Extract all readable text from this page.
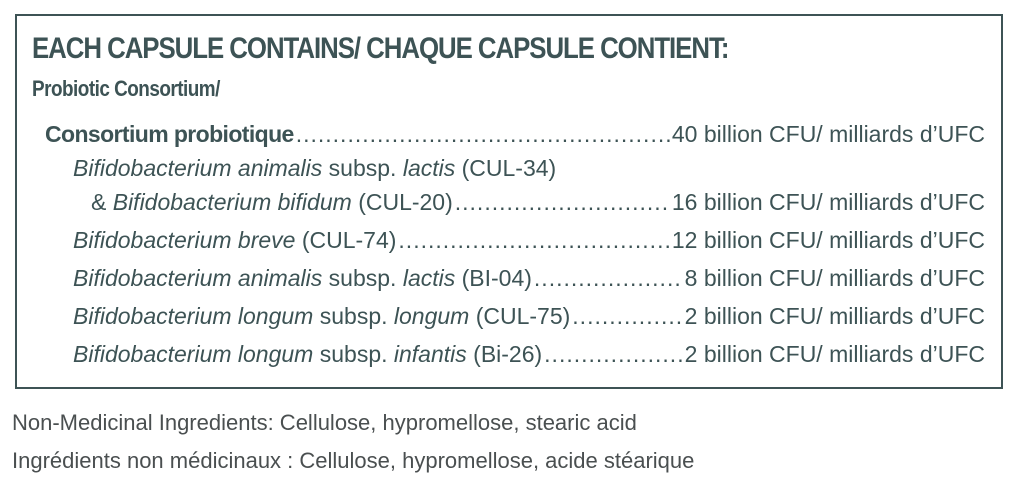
EACH CAPSULE CONTAINS/ CHAQUE CAPSULE CONTIENT:
Probiotic Consortium/
Consortium probiotique .....	40 billion CFU/ milliards d’UFC
Bifidobacterium animalis subsp. lactis (CUL-34)
& Bifidobacterium bifidum (CUL-20) .....	16 billion CFU/ milliards d’UFC
Bifidobacterium breve (CUL-74) .....	12 billion CFU/ milliards d’UFC
Bifidobacterium animalis subsp. lactis (BI-04) .....	8 billion CFU/ milliards d’UFC
Bifidobacterium longum subsp. longum (CUL-75) .....	2 billion CFU/ milliards d’UFC
Bifidobacterium longum subsp. infantis (Bi-26) .....	2 billion CFU/ milliards d’UFC
Non-Medicinal Ingredients: Cellulose, hypromellose, stearic acid
Ingrédients non médicinaux : Cellulose, hypromellose, acide stéarique
